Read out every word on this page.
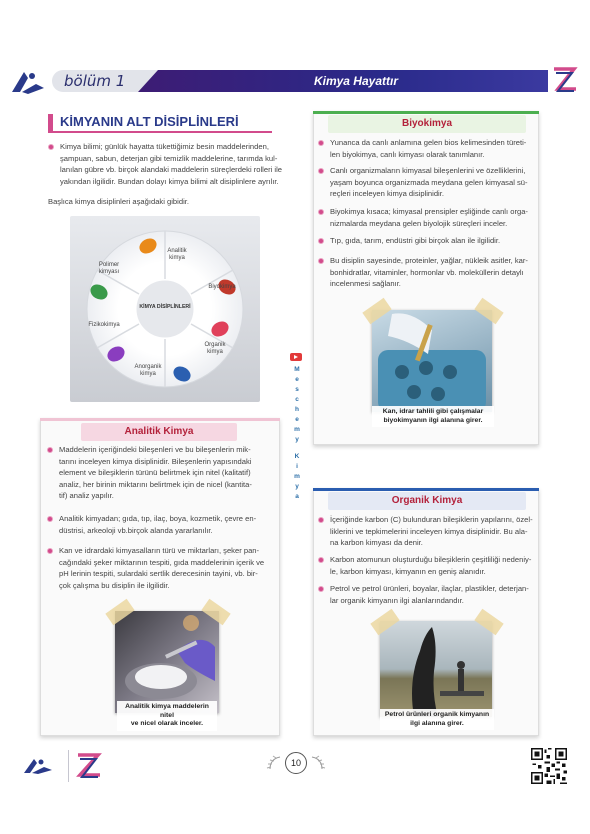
bölüm 1	Kimya Hayattır
KİMYANIN ALT DİSİPLİNLERİ
Kimya bilimi; günlük hayatta tükettiğimiz besin maddelerinden,
şampuan, sabun, deterjan gibi temizlik maddelerine, tarımda kul-
lanılan gübre vb. birçok alandaki maddelerin süreçlerdeki rolleri ile
yakından ilgilidir. Bundan dolayı kimya bilimi alt disiplinlere ayrılır.
Başlıca kimya disiplinleri aşağıdaki gibidir.
KİMYA DİSİPLİNLERİ
Analitik kimya
Biyokimya
Organik kimya
Anorganik kimya
Fizikokimya
Polimer kimyası
Analitik Kimya
Maddelerin içeriğindeki bileşenleri ve bu bileşenlerin mik-
tarını inceleyen kimya disiplinidir. Bileşenlerin yapısındaki
element ve bileşiklerin türünü belirtmek için nitel (kalitatif)
analiz, her birinin miktarını belirtmek için de nicel (kantita-
tif) analiz yapılır.
Analitik kimyadan; gıda, tıp, ilaç, boya, kozmetik, çevre en-
düstrisi, arkeoloji vb.birçok alanda yararlanılır.
Kan ve idrardaki kimyasalların türü ve miktarları, şeker pan-
cağındaki şeker miktarının tespiti, gıda maddelerinin içerik ve
pH lerinin tespiti, sulardaki sertlik derecesinin tayini, vb. bir-
çok çalışma bu disiplin ile ilgilidir.
Analitik kimya maddelerin nitel
ve nicel olarak inceler.
M
e
s
c
h
e
m
y
K
i
m
y
a
Biyokimya
Yunanca da canlı anlamına gelen bios kelimesinden türeti-
len biyokimya, canlı kimyası olarak tanımlanır.
Canlı organizmaların kimyasal bileşenlerini ve özelliklerini,
yaşam boyunca organizmada meydana gelen kimyasal sü-
reçleri inceleyen kimya disiplinidir.
Biyokimya kısaca; kimyasal prensipler eşliğinde canlı orga-
nizmalarda meydana gelen biyolojik süreçleri inceler.
Tıp, gıda, tarım, endüstri gibi birçok alan ile ilgilidir.
Bu disiplin sayesinde, proteinler, yağlar, nükleik asitler, kar-
bonhidratlar, vitaminler, hormonlar vb. moleküllerin detaylı
incelenmesi sağlanır.
Kan, idrar tahlili gibi çalışmalar
biyokimyanın ilgi alanına girer.
Organik Kimya
İçeriğinde karbon (C) bulunduran bileşiklerin yapılarını, özel-
liklerini ve tepkimelerini inceleyen kimya disiplinidir. Bu ala-
na karbon kimyası da denir.
Karbon atomunun oluşturduğu bileşiklerin çeşitliliği nedeniy-
le, karbon kimyası, kimyanın en geniş alanıdır.
Petrol ve petrol ürünleri, boyalar, ilaçlar, plastikler, deterjan-
lar organik kimyanın ilgi alanlarındandır.
Petrol ürünleri organik kimyanın
ilgi alanına girer.
10
